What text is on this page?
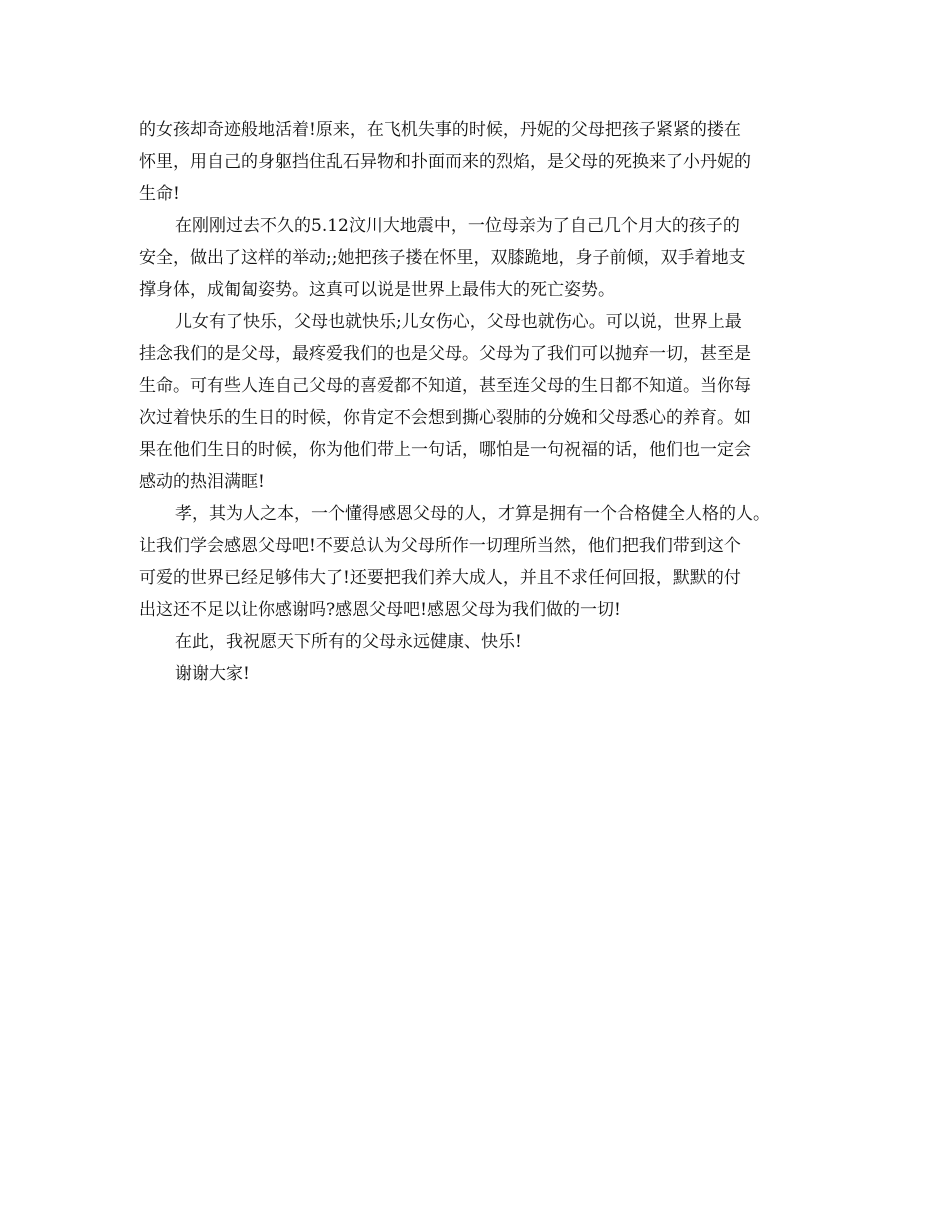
的女孩却奇迹般地活着!原来，在飞机失事的时候，丹妮的父母把孩子紧紧的搂在
怀里，用自己的身躯挡住乱石异物和扑面而来的烈焰，是父母的死换来了小丹妮的
生命!
在刚刚过去不久的5.12汶川大地震中，一位母亲为了自己几个月大的孩子的
安全，做出了这样的举动;;她把孩子搂在怀里，双膝跪地，身子前倾，双手着地支
撑身体，成匍匐姿势。这真可以说是世界上最伟大的死亡姿势。
儿女有了快乐，父母也就快乐;儿女伤心，父母也就伤心。可以说，世界上最
挂念我们的是父母，最疼爱我们的也是父母。父母为了我们可以抛弃一切，甚至是
生命。可有些人连自己父母的喜爱都不知道，甚至连父母的生日都不知道。当你每
次过着快乐的生日的时候，你肯定不会想到撕心裂肺的分娩和父母悉心的养育。如
果在他们生日的时候，你为他们带上一句话，哪怕是一句祝福的话，他们也一定会
感动的热泪满眶!
孝，其为人之本，一个懂得感恩父母的人，才算是拥有一个合格健全人格的人。
让我们学会感恩父母吧!不要总认为父母所作一切理所当然，他们把我们带到这个
可爱的世界已经足够伟大了!还要把我们养大成人，并且不求任何回报，默默的付
出这还不足以让你感谢吗?感恩父母吧!感恩父母为我们做的一切!
在此，我祝愿天下所有的父母永远健康、快乐!
谢谢大家!
